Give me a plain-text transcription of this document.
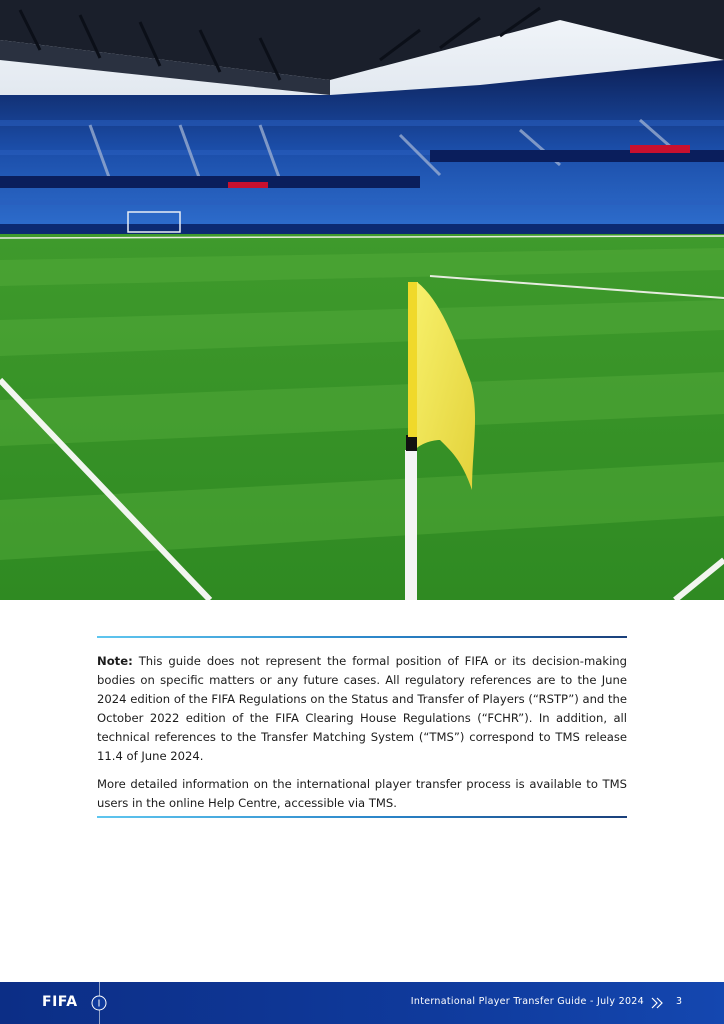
Note: This guide does not represent the formal position of FIFA or its decision-making bodies on specific matters or any future cases. All regulatory references are to the June 2024 edition of the FIFA Regulations on the Status and Transfer of Players (“RSTP”) and the October 2022 edition of the FIFA Clearing House Regulations (“FCHR”). In addition, all technical references to the Transfer Matching System (“TMS”) correspond to TMS release 11.4 of June 2024.

More detailed information on the international player transfer process is available to TMS users in the online Help Centre, accessible via TMS.

FIFA	International Player Transfer Guide - July 2024	3
